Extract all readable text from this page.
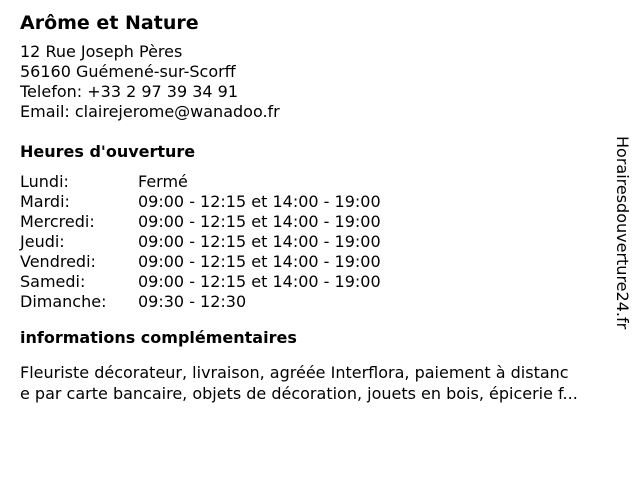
Arôme et Nature
12 Rue Joseph Pères
56160 Guémené-sur-Scorff
Telefon: +33 2 97 39 34 91
Email: clairejerome@wanadoo.fr
Heures d'ouverture
Lundi:	Fermé
Mardi:	09:00 - 12:15 et 14:00 - 19:00
Mercredi:	09:00 - 12:15 et 14:00 - 19:00
Jeudi:	09:00 - 12:15 et 14:00 - 19:00
Vendredi:	09:00 - 12:15 et 14:00 - 19:00
Samedi:	09:00 - 12:15 et 14:00 - 19:00
Dimanche:	09:30 - 12:30
informations complémentaires
Fleuriste décorateur, livraison, agréée Interflora, paiement à distanc
e par carte bancaire, objets de décoration, jouets en bois, épicerie f...
Horairesdouverture24.fr
